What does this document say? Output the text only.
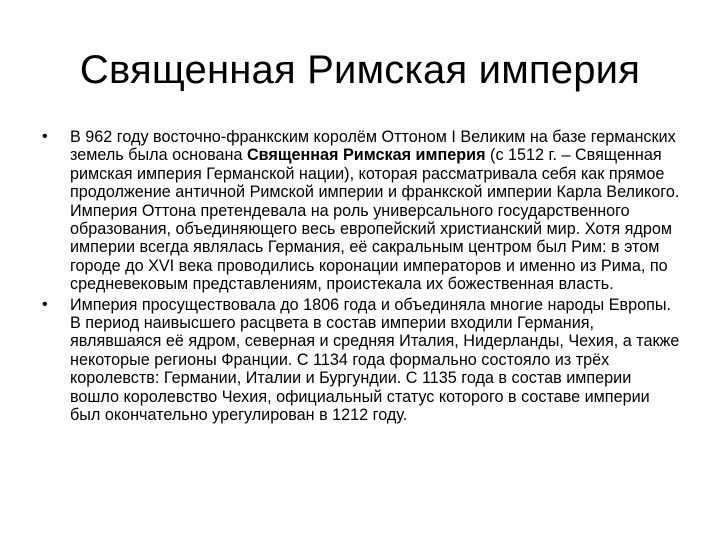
Священная Римская империя
•	В 962 году восточно-франкским королём Оттоном I Великим на базе германских земель была основана Священная Римская империя (с 1512 г. – Священная римская империя Германской нации), которая рассматривала себя как прямое продолжение античной Римской империи и франкской империи Карла Великого. Империя Оттона претендевала на роль универсального государственного образования, объединяющего весь европейский христианский мир. Хотя ядром империи всегда являлась Германия, её сакральным центром был Рим: в этом городе до XVI века проводились коронации императоров и именно из Рима, по средневековым представлениям, проистекала их божественная власть.
•	Империя просуществовала до 1806 года и объединяла многие народы Европы. В период наивысшего расцвета в состав империи входили Германия, являвшаяся её ядром, северная и средняя Италия, Нидерланды, Чехия, а также некоторые регионы Франции. С 1134 года формально состояло из трёх королевств: Германии, Италии и Бургундии. С 1135 года в состав империи вошло королевство Чехия, официальный статус которого в составе империи был окончательно урегулирован в 1212 году.
